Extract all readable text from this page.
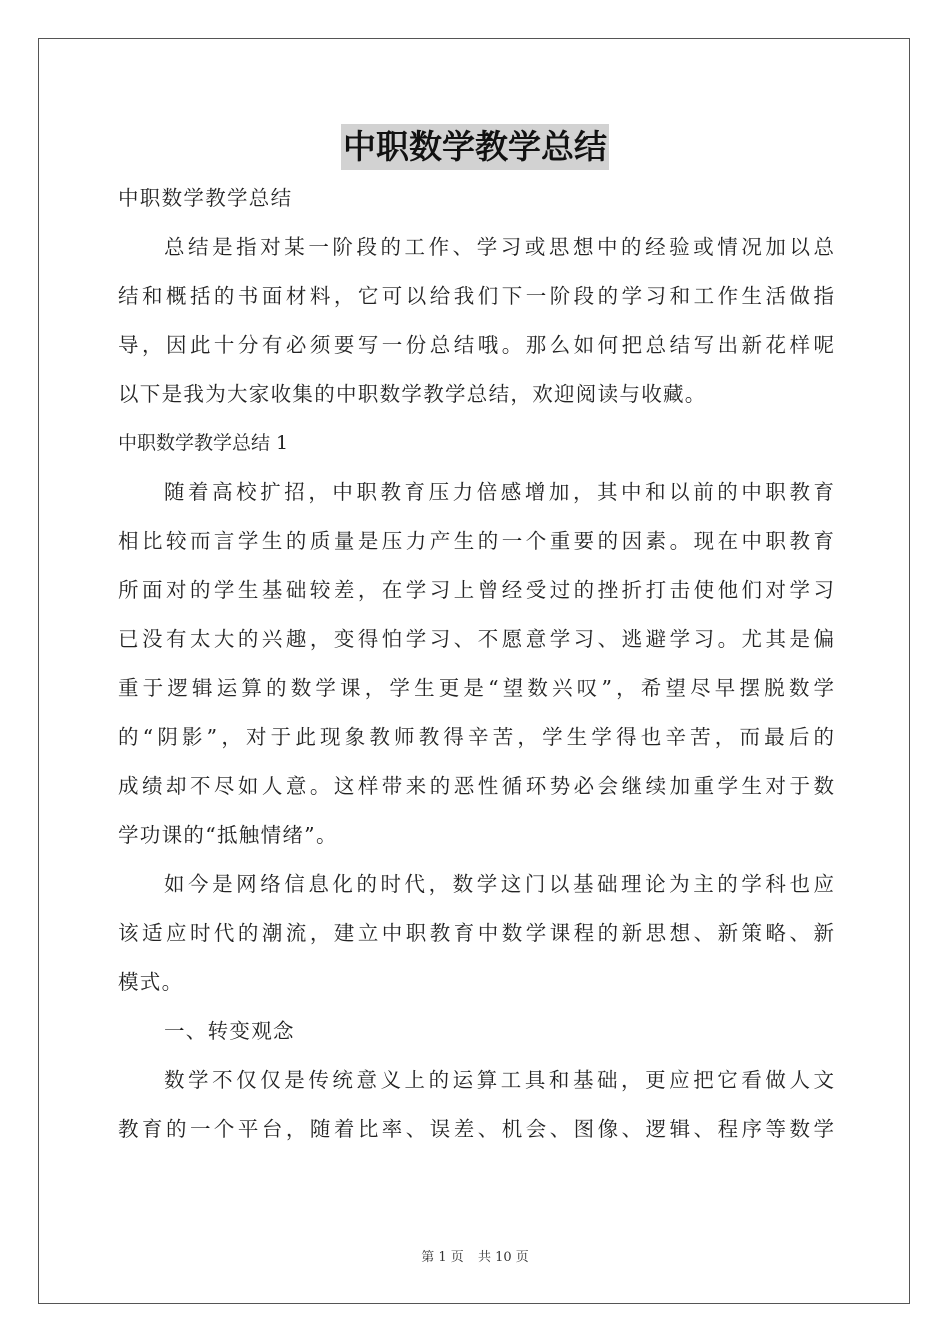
中职数学教学总结
中职数学教学总结
总结是指对某一阶段的工作、学习或思想中的经验或情况加以总
结和概括的书面材料，它可以给我们下一阶段的学习和工作生活做指
导，因此十分有必须要写一份总结哦。那么如何把总结写出新花样呢
以下是我为大家收集的中职数学教学总结，欢迎阅读与收藏。
中职数学教学总结 1
随着高校扩招，中职教育压力倍感增加，其中和以前的中职教育
相比较而言学生的质量是压力产生的一个重要的因素。现在中职教育
所面对的学生基础较差，在学习上曾经受过的挫折打击使他们对学习
已没有太大的兴趣，变得怕学习、不愿意学习、逃避学习。尤其是偏
重于逻辑运算的数学课，学生更是“望数兴叹”，希望尽早摆脱数学
的“阴影”，对于此现象教师教得辛苦，学生学得也辛苦，而最后的
成绩却不尽如人意。这样带来的恶性循环势必会继续加重学生对于数
学功课的“抵触情绪”。
如今是网络信息化的时代，数学这门以基础理论为主的学科也应
该适应时代的潮流，建立中职教育中数学课程的新思想、新策略、新
模式。
一、转变观念
数学不仅仅是传统意义上的运算工具和基础，更应把它看做人文
教育的一个平台，随着比率、误差、机会、图像、逻辑、程序等数学
第 1 页 共 10 页
